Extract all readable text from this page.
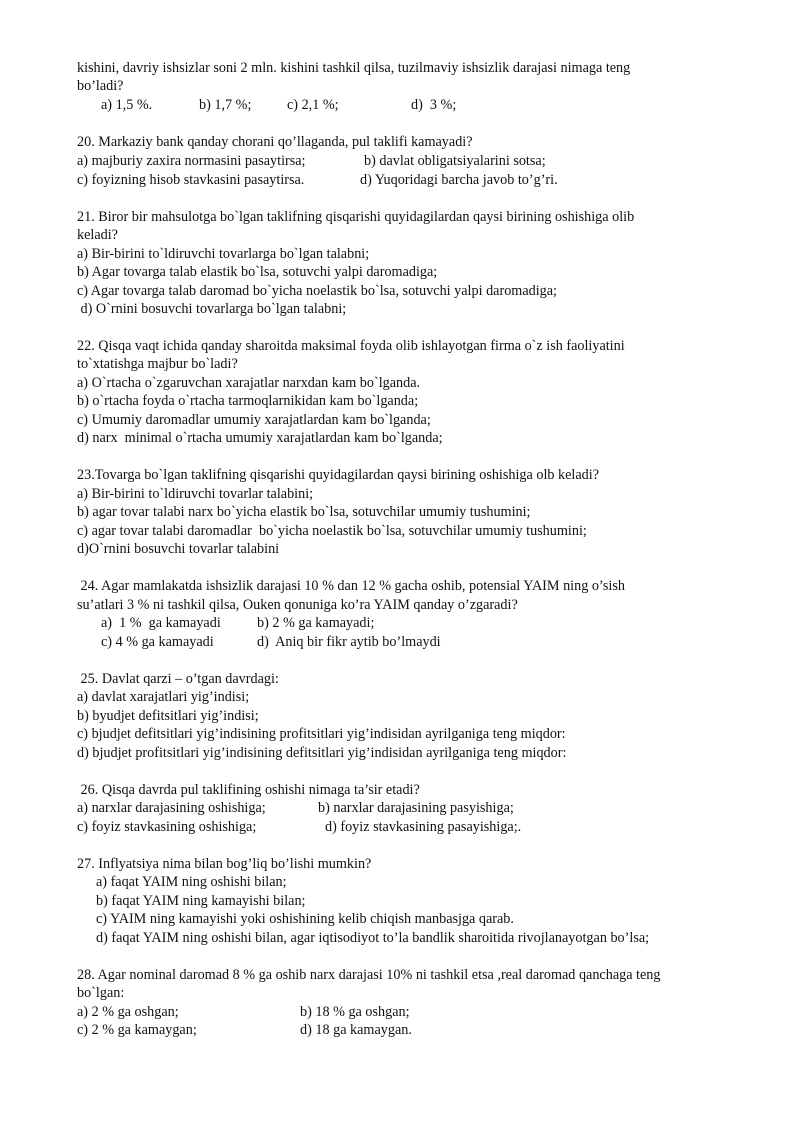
kishini, davriy ishsizlar soni 2 mln. kishini tashkil qilsa, tuzilmaviy ishsizlik darajasi nimaga teng
bo’ladi?
a) 1,5 %.	b) 1,7 %;	c) 2,1 %;	d)  3 %;
20. Markaziy bank qanday chorani qo’llaganda, pul taklifi kamayadi?
a) majburiy zaxira normasini pasaytirsa;	b) davlat obligatsiyalarini sotsa;
c) foyizning hisob stavkasini pasaytirsa.	d) Yuqoridagi barcha javob to’g’ri.
21. Biror bir mahsulotga bo`lgan taklifning qisqarishi quyidagilardan qaysi birining oshishiga olib
keladi?
a) Bir-birini to`ldiruvchi tovarlarga bo`lgan talabni;
b) Agar tovarga talab elastik bo`lsa, sotuvchi yalpi daromadiga;
c) Agar tovarga talab daromad bo`yicha noelastik bo`lsa, sotuvchi yalpi daromadiga;
d) O`rnini bosuvchi tovarlarga bo`lgan talabni;
22. Qisqa vaqt ichida qanday sharoitda maksimal foyda olib ishlayotgan firma o`z ish faoliyatini
to`xtatishga majbur bo`ladi?
a) O`rtacha o`zgaruvchan xarajatlar narxdan kam bo`lganda.
b) o`rtacha foyda o`rtacha tarmoqlarnikidan kam bo`lganda;
c) Umumiy daromadlar umumiy xarajatlardan kam bo`lganda;
d) narx  minimal o`rtacha umumiy xarajatlardan kam bo`lganda;
23.Tovarga bo`lgan taklifning qisqarishi quyidagilardan qaysi birining oshishiga olb keladi?
a) Bir-birini to`ldiruvchi tovarlar talabini;
b) agar tovar talabi narx bo`yicha elastik bo`lsa, sotuvchilar umumiy tushumini;
c) agar tovar talabi daromadlar  bo`yicha noelastik bo`lsa, sotuvchilar umumiy tushumini;
d)O`rnini bosuvchi tovarlar talabini
24. Agar mamlakatda ishsizlik darajasi 10 % dan 12 % gacha oshib, potensial YAIM ning o’sish
su’atlari 3 % ni tashkil qilsa, Ouken qonuniga ko’ra YAIM qanday o’zgaradi?
a)  1 %  ga kamayadi	b) 2 % ga kamayadi;
c) 4 % ga kamayadi	d)  Aniq bir fikr aytib bo’lmaydi
25. Davlat qarzi – o’tgan davrdagi:
a) davlat xarajatlari yig’indisi;
b) byudjet defitsitlari yig’indisi;
c) bjudjet defitsitlari yig’indisining profitsitlari yig’indisidan ayrilganiga teng miqdor:
d) bjudjet profitsitlari yig’indisining defitsitlari yig’indisidan ayrilganiga teng miqdor:
26. Qisqa davrda pul taklifining oshishi nimaga ta’sir etadi?
a) narxlar darajasining oshishiga;	b) narxlar darajasining pasyishiga;
c) foyiz stavkasining oshishiga;	d) foyiz stavkasining pasayishiga;.
27. Inflyatsiya nima bilan bog’liq bo’lishi mumkin?
a) faqat YAIM ning oshishi bilan;
b) faqat YAIM ning kamayishi bilan;
c) YAIM ning kamayishi yoki oshishining kelib chiqish manbasjga qarab.
d) faqat YAIM ning oshishi bilan, agar iqtisodiyot to’la bandlik sharoitida rivojlanayotgan bo’lsa;
28. Agar nominal daromad 8 % ga oshib narx darajasi 10% ni tashkil etsa ,real daromad qanchaga teng
bo`lgan:
a) 2 % ga oshgan;	b) 18 % ga oshgan;
c) 2 % ga kamaygan;	d) 18 ga kamaygan.
